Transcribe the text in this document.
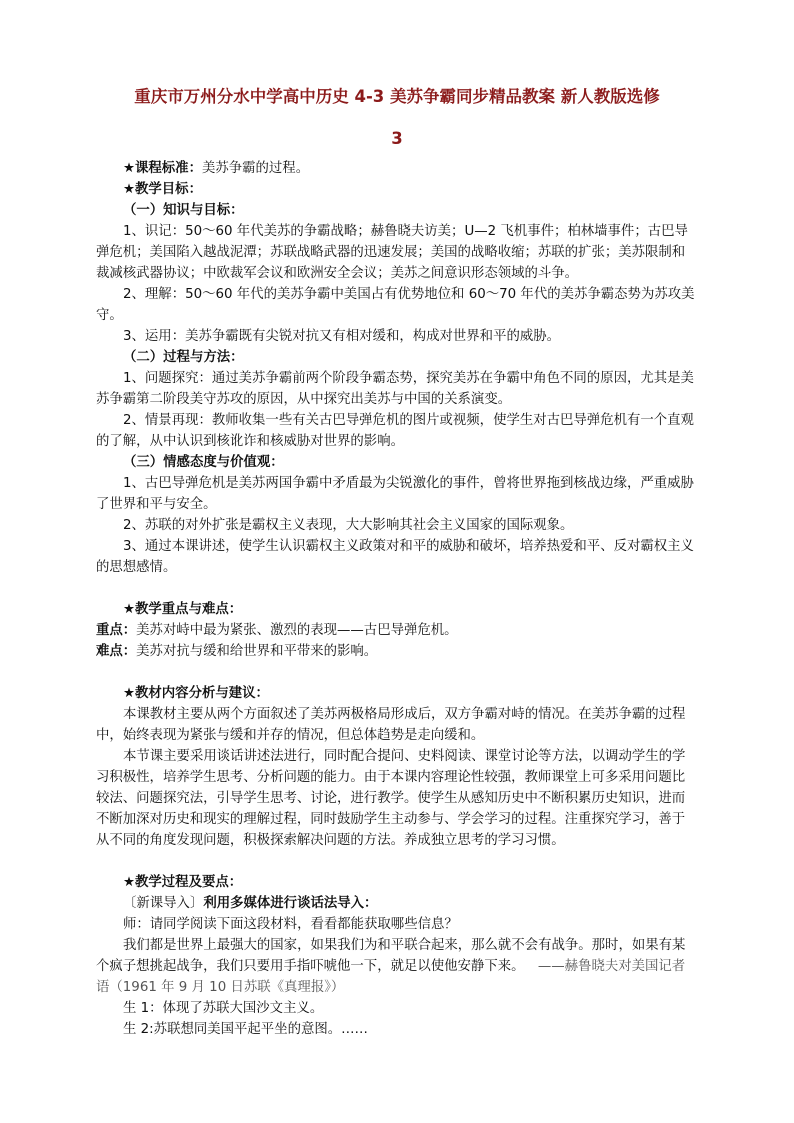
重庆市万州分水中学高中历史 4-3 美苏争霸同步精品教案 新人教版选修
3

★课程标准：美苏争霸的过程。

★教学目标：

（一）知识与目标：

1、识记：50～60 年代美苏的争霸战略；赫鲁晓夫访美；U—2 飞机事件；柏林墙事件；古巴导弹危机；美国陷入越战泥潭；苏联战略武器的迅速发展；美国的战略收缩；苏联的扩张；美苏限制和裁减核武器协议；中欧裁军会议和欧洲安全会议；美苏之间意识形态领域的斗争。

2、理解：50～60 年代的美苏争霸中美国占有优势地位和 60～70 年代的美苏争霸态势为苏攻美守。

3、运用：美苏争霸既有尖锐对抗又有相对缓和，构成对世界和平的威胁。

（二）过程与方法：

1、问题探究：通过美苏争霸前两个阶段争霸态势，探究美苏在争霸中角色不同的原因，尤其是美苏争霸第二阶段美守苏攻的原因，从中探究出美苏与中国的关系演变。

2、情景再现：教师收集一些有关古巴导弹危机的图片或视频，使学生对古巴导弹危机有一个直观的了解，从中认识到核讹诈和核威胁对世界的影响。

（三）情感态度与价值观：

1、古巴导弹危机是美苏两国争霸中矛盾最为尖锐激化的事件，曾将世界拖到核战边缘，严重威胁了世界和平与安全。

2、苏联的对外扩张是霸权主义表现，大大影响其社会主义国家的国际观象。

3、通过本课讲述，使学生认识霸权主义政策对和平的威胁和破坏，培养热爱和平、反对霸权主义的思想感情。

★教学重点与难点：

重点：美苏对峙中最为紧张、激烈的表现——古巴导弹危机。

难点：美苏对抗与缓和给世界和平带来的影响。

★教材内容分析与建议：

本课教材主要从两个方面叙述了美苏两极格局形成后，双方争霸对峙的情况。在美苏争霸的过程中，始终表现为紧张与缓和并存的情况，但总体趋势是走向缓和。

本节课主要采用谈话讲述法进行，同时配合提问、史料阅读、课堂讨论等方法，以调动学生的学习积极性，培养学生思考、分析问题的能力。由于本课内容理论性较强，教师课堂上可多采用问题比较法、问题探究法，引导学生思考、讨论，进行教学。使学生从感知历史中不断积累历史知识，进而不断加深对历史和现实的理解过程，同时鼓励学生主动参与、学会学习的过程。注重探究学习，善于从不同的角度发现问题，积极探索解决问题的方法。养成独立思考的学习习惯。

★教学过程及要点：

〔新课导入〕利用多媒体进行谈话法导入：

师：请同学阅读下面这段材料，看看都能获取哪些信息？

我们都是世界上最强大的国家，如果我们为和平联合起来，那么就不会有战争。那时，如果有某个疯子想挑起战争，我们只要用手指吓唬他一下，就足以使他安静下来。  ——赫鲁晓夫对美国记者语（1961 年 9 月 10 日苏联《真理报》）

生 1：体现了苏联大国沙文主义。

生 2:苏联想同美国平起平坐的意图。……
